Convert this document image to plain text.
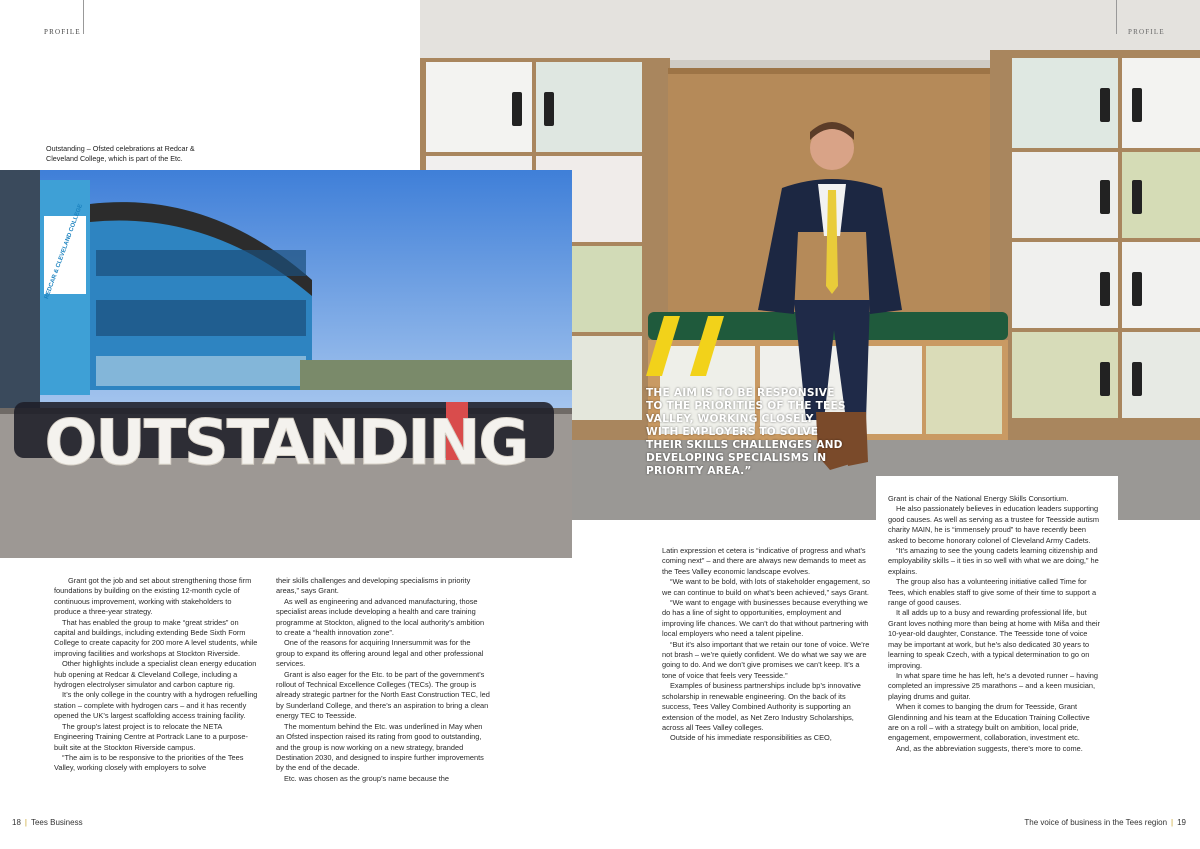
PROFILE	PROFILE
Outstanding – Ofsted celebrations at Redcar & Cleveland College, which is part of the Etc.
REDCAR & CLEVELAND COLLEGE
OUTSTANDING
THE AIM IS TO BE RESPONSIVE TO THE PRIORITIES OF THE TEES VALLEY, WORKING CLOSELY WITH EMPLOYERS TO SOLVE THEIR SKILLS CHALLENGES AND DEVELOPING SPECIALISMS IN PRIORITY AREA.”

Grant got the job and set about strengthening those firm foundations by building on the existing 12-month cycle of continuous improvement, working with stakeholders to produce a three-year strategy.

That has enabled the group to make “great strides” on capital and buildings, including extending Bede Sixth Form College to create capacity for 200 more A level students, while improving facilities and workshops at Stockton Riverside.

Other highlights include a specialist clean energy education hub opening at Redcar & Cleveland College, including a hydrogen electrolyser simulator and carbon capture rig.

It’s the only college in the country with a hydrogen refuelling station – complete with hydrogen cars – and it has recently opened the UK’s largest scaffolding access training facility.

The group’s latest project is to relocate the NETA Engineering Training Centre at Portrack Lane to a purpose-built site at the Stockton Riverside campus.

“The aim is to be responsive to the priorities of the Tees Valley, working closely with employers to solve

their skills challenges and developing specialisms in priority areas,” says Grant.

As well as engineering and advanced manufacturing, those specialist areas include developing a health and care training programme at Stockton, aligned to the local authority’s ambition to create a “health innovation zone”.

One of the reasons for acquiring Innersummit was for the group to expand its offering around legal and other professional services.

Grant is also eager for the Etc. to be part of the government’s rollout of Technical Excellence Colleges (TECs). The group is already strategic partner for the North East Construction TEC, led by Sunderland College, and there’s an aspiration to bring a clean energy TEC to Teesside.

The momentum behind the Etc. was underlined in May when an Ofsted inspection raised its rating from good to outstanding, and the group is now working on a new strategy, branded Destination 2030, and designed to inspire further improvements by the end of the decade.

Etc. was chosen as the group’s name because the

Latin expression et cetera is “indicative of progress and what’s coming next” – and there are always new demands to meet as the Tees Valley economic landscape evolves.

“We want to be bold, with lots of stakeholder engagement, so we can continue to build on what’s been achieved,” says Grant.

“We want to engage with businesses because everything we do has a line of sight to opportunities, employment and improving life chances. We can’t do that without partnering with local employers who need a talent pipeline.

“But it’s also important that we retain our tone of voice. We’re not brash – we’re quietly confident. We do what we say we are going to do. And we don’t give promises we can’t keep. It’s a tone of voice that feels very Teesside.”

Examples of business partnerships include bp’s innovative scholarship in renewable engineering. On the back of its success, Tees Valley Combined Authority is supporting an extension of the model, as Net Zero Industry Scholarships, across all Tees Valley colleges.

Outside of his immediate responsibilities as CEO,

Grant is chair of the National Energy Skills Consortium.

He also passionately believes in education leaders supporting good causes. As well as serving as a trustee for Teesside autism charity MAIN, he is “immensely proud” to have recently been asked to become honorary colonel of Cleveland Army Cadets.

“It’s amazing to see the young cadets learning citizenship and employability skills – it ties in so well with what we are doing,” he explains.

The group also has a volunteering initiative called Time for Tees, which enables staff to give some of their time to support a range of good causes.

It all adds up to a busy and rewarding professional life, but Grant loves nothing more than being at home with Miša and their 10-year-old daughter, Constance. The Teesside tone of voice may be important at work, but he’s also dedicated 30 years to learning to speak Czech, with a typical determination to go on improving.

In what spare time he has left, he’s a devoted runner – having completed an impressive 25 marathons – and a keen musician, playing drums and guitar.

When it comes to banging the drum for Teesside, Grant Glendinning and his team at the Education Training Collective are on a roll – with a strategy built on ambition, local pride, engagement, empowerment, collaboration, investment etc.

And, as the abbreviation suggests, there’s more to come.

18 | Tees Business	The voice of business in the Tees region | 19
